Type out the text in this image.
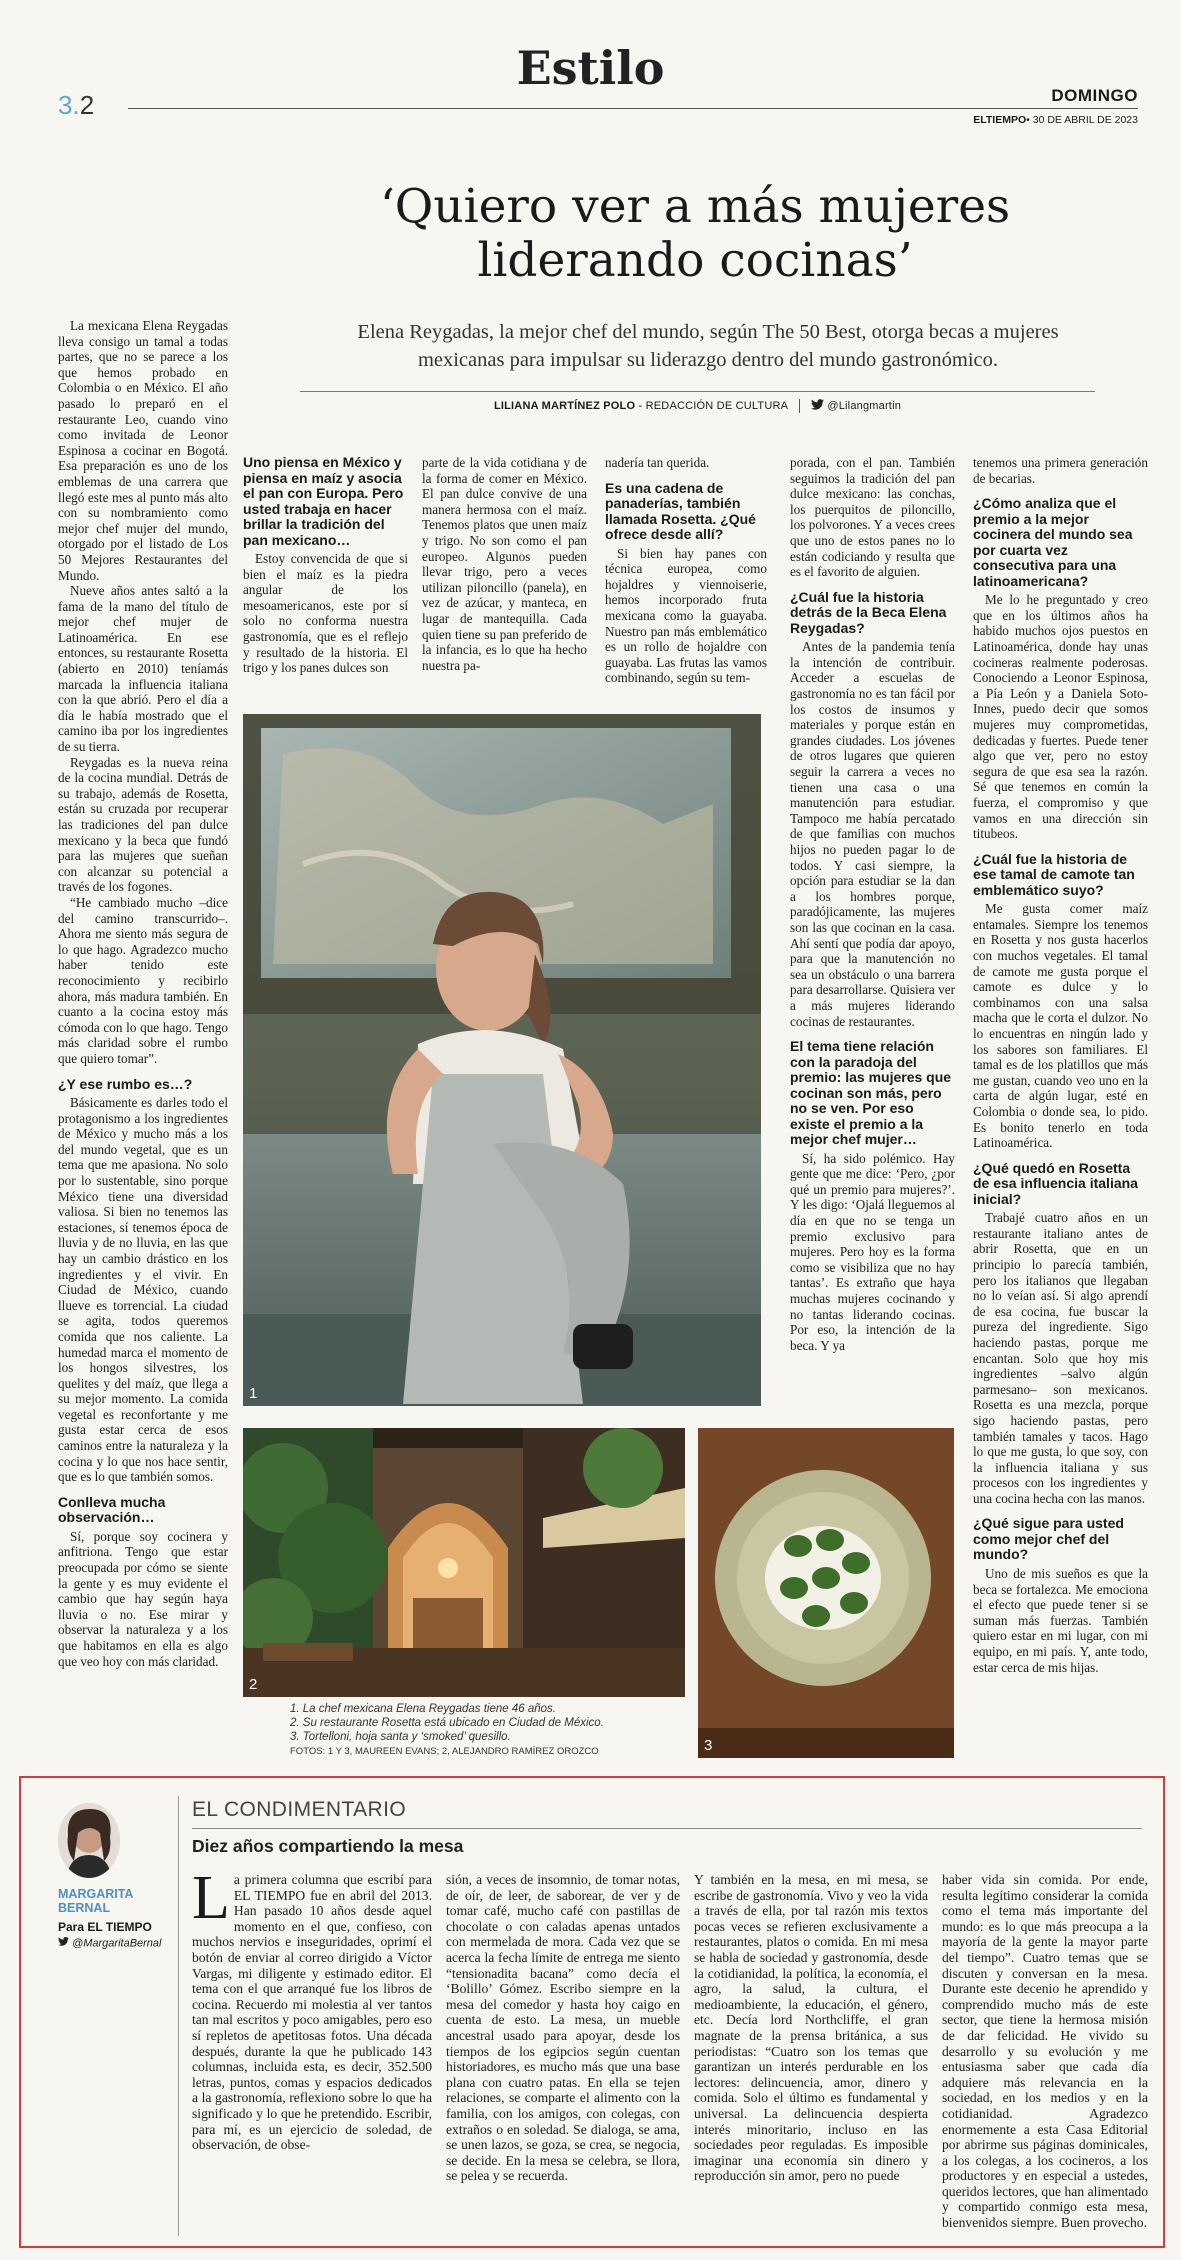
Estilo
3.2	DOMINGO
ELTIEMPO• 30 DE ABRIL DE 2023
‘Quiero ver a más mujeres
liderando cocinas’
Elena Reygadas, la mejor chef del mundo, según The 50 Best, otorga becas a mujeres mexicanas para impulsar su liderazgo dentro del mundo gastronómico.
LILIANA MARTÍNEZ POLO - REDACCIÓN DE CULTURA	@Lilangmartin

La mexicana Elena Reygadas lleva consigo un tamal a todas partes, que no se parece a los que hemos probado en Colombia o en México. El año pasado lo preparó en el restaurante Leo, cuando vino como invitada de Leonor Espinosa a cocinar en Bogotá. Esa preparación es uno de los emblemas de una carrera que llegó este mes al punto más alto con su nombramiento como mejor chef mujer del mundo, otorgado por el listado de Los 50 Mejores Restaurantes del Mundo.

Nueve años antes saltó a la fama de la mano del título de mejor chef mujer de Latinoamérica. En ese entonces, su restaurante Rosetta (abierto en 2010) teníamás marcada la influencia italiana con la que abrió. Pero el día a día le había mostrado que el camino iba por los ingredientes de su tierra.

Reygadas es la nueva reina de la cocina mundial. Detrás de su trabajo, además de Rosetta, están su cruzada por recuperar las tradiciones del pan dulce mexicano y la beca que fundó para las mujeres que sueñan con alcanzar su potencial a través de los fogones.

“He cambiado mucho –dice del camino transcurrido–. Ahora me siento más segura de lo que hago. Agradezco mucho haber tenido este reconocimiento y recibirlo ahora, más madura también. En cuanto a la cocina estoy más cómoda con lo que hago. Tengo más claridad sobre el rumbo que quiero tomar”.

¿Y ese rumbo es…?

Básicamente es darles todo el protagonismo a los ingredientes de México y mucho más a los del mundo vegetal, que es un tema que me apasiona. No solo por lo sustentable, sino porque México tiene una diversidad valiosa. Si bien no tenemos las estaciones, sí tenemos época de lluvia y de no lluvia, en las que hay un cambio drástico en los ingredientes y el vivir. En Ciudad de México, cuando llueve es torrencial. La ciudad se agita, todos queremos comida que nos caliente. La humedad marca el momento de los hongos silvestres, los quelites y del maíz, que llega a su mejor momento. La comida vegetal es reconfortante y me gusta estar cerca de esos caminos entre la naturaleza y la cocina y lo que nos hace sentir, que es lo que también somos.

Conlleva mucha observación…

Sí, porque soy cocinera y anfitriona. Tengo que estar preocupada por cómo se siente la gente y es muy evidente el cambio que hay según haya lluvia o no. Ese mirar y observar la naturaleza y a los que habitamos en ella es algo que veo hoy con más claridad.

Uno piensa en México y piensa en maíz y asocia el pan con Europa. Pero usted trabaja en hacer brillar la tradición del pan mexicano…

Estoy convencida de que si bien el maíz es la piedra angular de los mesoamericanos, este por sí solo no conforma nuestra gastronomía, que es el reflejo y resultado de la historia. El trigo y los panes dulces son

parte de la vida cotidiana y de la forma de comer en México. El pan dulce convive de una manera hermosa con el maíz. Tenemos platos que unen maíz y trigo. No son como el pan europeo. Algunos pueden llevar trigo, pero a veces utilizan piloncillo (panela), en vez de azúcar, y manteca, en lugar de mantequilla. Cada quien tiene su pan preferido de la infancia, es lo que ha hecho nuestra pa-

nadería tan querida.

Es una cadena de panaderías, también llamada Rosetta. ¿Qué ofrece desde allí?

Si bien hay panes con técnica europea, como hojaldres y viennoiserie, hemos incorporado fruta mexicana como la guayaba. Nuestro pan más emblemático es un rollo de hojaldre con guayaba. Las frutas las vamos combinando, según su tem-

porada, con el pan. También seguimos la tradición del pan dulce mexicano: las conchas, los puerquitos de piloncillo, los polvorones. Y a veces crees que uno de estos panes no lo están codiciando y resulta que es el favorito de alguien.

¿Cuál fue la historia detrás de la Beca Elena Reygadas?

Antes de la pandemia tenía la intención de contribuir. Acceder a escuelas de gastronomía no es tan fácil por los costos de insumos y materiales y porque están en grandes ciudades. Los jóvenes de otros lugares que quieren seguir la carrera a veces no tienen una casa o una manutención para estudiar. Tampoco me había percatado de que familias con muchos hijos no pueden pagar lo de todos. Y casi siempre, la opción para estudiar se la dan a los hombres porque, paradójicamente, las mujeres son las que cocinan en la casa. Ahí sentí que podía dar apoyo, para que la manutención no sea un obstáculo o una barrera para desarrollarse. Quisiera ver a más mujeres liderando cocinas de restaurantes.

El tema tiene relación con la paradoja del premio: las mujeres que cocinan son más, pero no se ven. Por eso existe el premio a la mejor chef mujer…

Sí, ha sido polémico. Hay gente que me dice: ‘Pero, ¿por qué un premio para mujeres?’. Y les digo: ‘Ojalá lleguemos al día en que no se tenga un premio exclusivo para mujeres. Pero hoy es la forma como se visibiliza que no hay tantas’. Es extraño que haya muchas mujeres cocinando y no tantas liderando cocinas. Por eso, la intención de la beca. Y ya

tenemos una primera generación de becarias.

¿Cómo analiza que el premio a la mejor cocinera del mundo sea por cuarta vez consecutiva para una latinoamericana?

Me lo he preguntado y creo que en los últimos años ha habido muchos ojos puestos en Latinoamérica, donde hay unas cocineras realmente poderosas. Conociendo a Leonor Espinosa, a Pía León y a Daniela Soto-Innes, puedo decir que somos mujeres muy comprometidas, dedicadas y fuertes. Puede tener algo que ver, pero no estoy segura de que esa sea la razón. Sé que tenemos en común la fuerza, el compromiso y que vamos en una dirección sin titubeos.

¿Cuál fue la historia de ese tamal de camote tan emblemático suyo?

Me gusta comer maíz entamales. Siempre los tenemos en Rosetta y nos gusta hacerlos con muchos vegetales. El tamal de camote me gusta porque el camote es dulce y lo combinamos con una salsa macha que le corta el dulzor. No lo encuentras en ningún lado y los sabores son familiares. El tamal es de los platillos que más me gustan, cuando veo uno en la carta de algún lugar, esté en Colombia o donde sea, lo pido. Es bonito tenerlo en toda Latinoamérica.

¿Qué quedó en Rosetta de esa influencia italiana inicial?

Trabajé cuatro años en un restaurante italiano antes de abrir Rosetta, que en un principio lo parecía también, pero los italianos que llegaban no lo veían así. Si algo aprendí de esa cocina, fue buscar la pureza del ingrediente. Sigo haciendo pastas, porque me encantan. Solo que hoy mis ingredientes –salvo algún parmesano– son mexicanos. Rosetta es una mezcla, porque sigo haciendo pastas, pero también tamales y tacos. Hago lo que me gusta, lo que soy, con la influencia italiana y sus procesos con los ingredientes y una cocina hecha con las manos.

¿Qué sigue para usted como mejor chef del mundo?

Uno de mis sueños es que la beca se fortalezca. Me emociona el efecto que puede tener si se suman más fuerzas. También quiero estar en mi lugar, con mi equipo, en mi país. Y, ante todo, estar cerca de mis hijas.

1
2
3
1. La chef mexicana Elena Reygadas tiene 46 años.
2. Su restaurante Rosetta está ubicado en Ciudad de México.
3. Tortelloni, hoja santa y ‘smoked’ quesillo.
FOTOS: 1 Y 3, MAUREEN EVANS; 2, ALEJANDRO RAMÍREZ OROZCO
MARGARITA
BERNAL
Para EL TIEMPO
@MargaritaBernal
EL CONDIMENTARIO
Diez años compartiendo la mesa

La primera columna que escribí para EL TIEMPO fue en abril del 2013. Han pasado 10 años desde aquel momento en el que, confieso, con muchos nervios e inseguridades, oprimí el botón de enviar al correo dirigido a Víctor Vargas, mi diligente y estimado editor. El tema con el que arranqué fue los libros de cocina. Recuerdo mi molestia al ver tantos tan mal escritos y poco amigables, pero eso sí repletos de apetitosas fotos. Una década después, durante la que he publicado 143 columnas, incluida esta, es decir, 352.500 letras, puntos, comas y espacios dedicados a la gastronomía, reflexiono sobre lo que ha significado y lo que he pretendido. Escribir, para mí, es un ejercicio de soledad, de observación, de obse-

sión, a veces de insomnio, de tomar notas, de oír, de leer, de saborear, de ver y de tomar café, mucho café con pastillas de chocolate o con caladas apenas untados con mermelada de mora. Cada vez que se acerca la fecha límite de entrega me siento “tensionadita bacana” como decía el ‘Bolillo’ Gómez. Escribo siempre en la mesa del comedor y hasta hoy caigo en cuenta de esto. La mesa, un mueble ancestral usado para apoyar, desde los tiempos de los egipcios según cuentan historiadores, es mucho más que una base plana con cuatro patas. En ella se tejen relaciones, se comparte el alimento con la familia, con los amigos, con colegas, con extraños o en soledad. Se dialoga, se ama, se unen lazos, se goza, se crea, se negocia, se decide. En la mesa se celebra, se llora, se pelea y se recuerda.

Y también en la mesa, en mi mesa, se escribe de gastronomía. Vivo y veo la vida a través de ella, por tal razón mis textos pocas veces se refieren exclusivamente a restaurantes, platos o comida. En mi mesa se habla de sociedad y gastronomía, desde la cotidianidad, la política, la economía, el agro, la salud, la cultura, el medioambiente, la educación, el género, etc. Decía lord Northcliffe, el gran magnate de la prensa británica, a sus periodistas: “Cuatro son los temas que garantizan un interés perdurable en los lectores: delincuencia, amor, dinero y comida. Solo el último es fundamental y universal. La delincuencia despierta interés minoritario, incluso en las sociedades peor reguladas. Es imposible imaginar una economía sin dinero y reproducción sin amor, pero no puede

haber vida sin comida. Por ende, resulta legítimo considerar la comida como el tema más importante del mundo: es lo que más preocupa a la mayoría de la gente la mayor parte del tiempo”. Cuatro temas que se discuten y conversan en la mesa. Durante este decenio he aprendido y comprendido mucho más de este sector, que tiene la hermosa misión de dar felicidad. He vivido su desarrollo y su evolución y me entusiasma saber que cada día adquiere más relevancia en la sociedad, en los medios y en la cotidianidad. Agradezco enormemente a esta Casa Editorial por abrirme sus páginas dominicales, a los colegas, a los cocineros, a los productores y en especial a ustedes, queridos lectores, que han alimentado y compartido conmigo esta mesa, bienvenidos siempre. Buen provecho.
